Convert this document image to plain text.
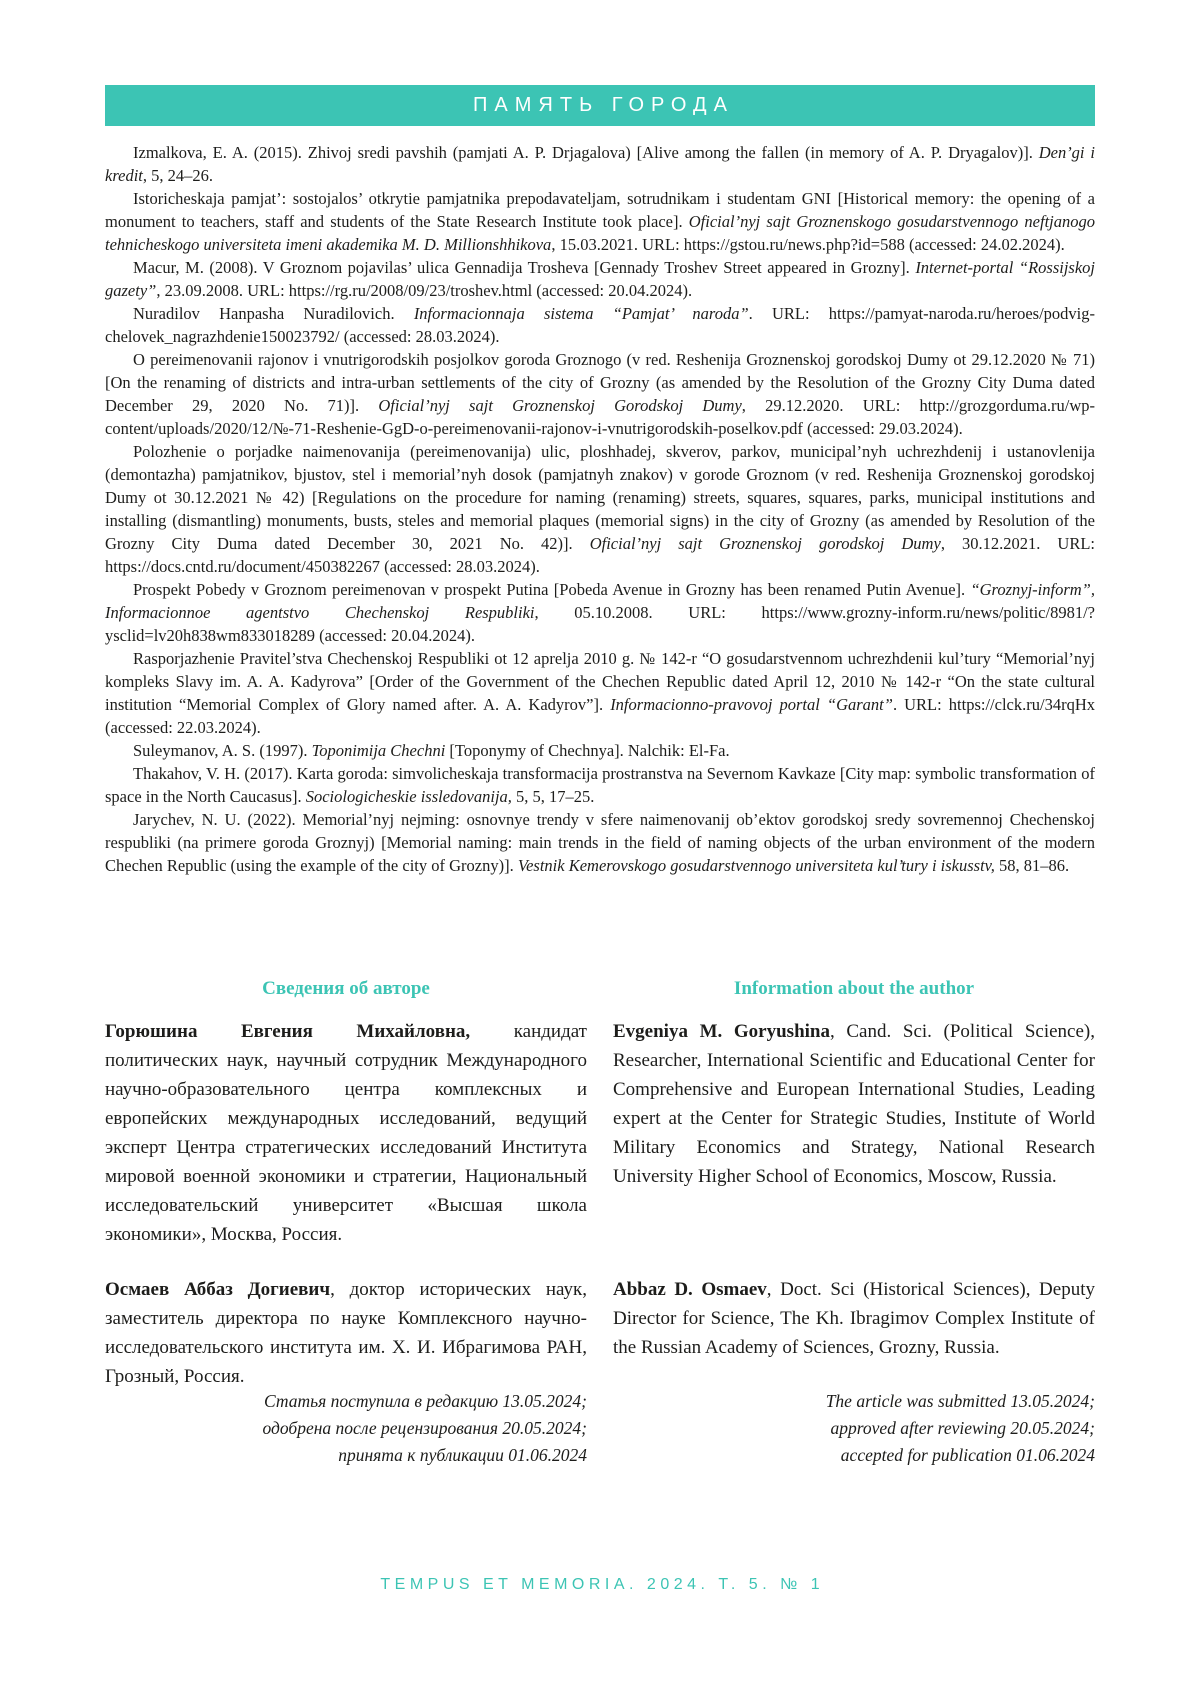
ПАМЯТЬ ГОРОДА

Izmalkova, E. A. (2015). Zhivoj sredi pavshih (pamjati A. P. Drjagalova) [Alive among the fallen (in memory of A. P. Dryagalov)]. Den’gi i kredit, 5, 24–26.

Istoricheskaja pamjat’: sostojalos’ otkrytie pamjatnika prepodavateljam, sotrudnikam i studentam GNI [Historical memory: the opening of a monument to teachers, staff and students of the State Research Institute took place]. Oficial’nyj sajt Groznenskogo gosudarstvennogo neftjanogo tehnicheskogo universiteta imeni akademika M. D. Millionshhikova, 15.03.2021. URL: https://gstou.ru/news.php?id=588 (accessed: 24.02.2024).

Macur, M. (2008). V Groznom pojavilas’ ulica Gennadija Trosheva [Gennady Troshev Street appeared in Grozny]. Internet-portal “Rossijskoj gazety”, 23.09.2008. URL: https://rg.ru/2008/09/23/troshev.html (accessed: 20.04.2024).

Nuradilov Hanpasha Nuradilovich. Informacionnaja sistema “Pamjat’ naroda”. URL: https://pamyat-naroda.ru/heroes/podvig-chelovek_nagrazhdenie150023792/ (accessed: 28.03.2024).

O pereimenovanii rajonov i vnutrigorodskih posjolkov goroda Groznogo (v red. Reshenija Groznenskoj gorodskoj Dumy ot 29.12.2020 № 71) [On the renaming of districts and intra-urban settlements of the city of Grozny (as amended by the Resolution of the Grozny City Duma dated December 29, 2020 No. 71)]. Oficial’nyj sajt Groznenskoj Gorodskoj Dumy, 29.12.2020. URL: http://grozgorduma.ru/wp-content/uploads/2020/12/№-71-Reshenie-GgD-o-pereimenovanii-rajonov-i-vnutrigorodskih-poselkov.pdf (accessed: 29.03.2024).

Polozhenie o porjadke naimenovanija (pereimenovanija) ulic, ploshhadej, skverov, parkov, municipal’nyh uchrezhdenij i ustanovlenija (demontazha) pamjatnikov, bjustov, stel i memorial’nyh dosok (pamjatnyh znakov) v gorode Groznom (v red. Reshenija Groznenskoj gorodskoj Dumy ot 30.12.2021 № 42) [Regulations on the procedure for naming (renaming) streets, squares, squares, parks, municipal institutions and installing (dismantling) monuments, busts, steles and memorial plaques (memorial signs) in the city of Grozny (as amended by Resolution of the Grozny City Duma dated December 30, 2021 No. 42)]. Oficial’nyj sajt Groznenskoj gorodskoj Dumy, 30.12.2021. URL: https://docs.cntd.ru/document/450382267 (accessed: 28.03.2024).

Prospekt Pobedy v Groznom pereimenovan v prospekt Putina [Pobeda Avenue in Grozny has been renamed Putin Avenue]. “Groznyj-inform”, Informacionnoe agentstvo Chechenskoj Respubliki, 05.10.2008. URL: https://www.grozny-inform.ru/news/politic/8981/?ysclid=lv20h838wm833018289 (accessed: 20.04.2024).

Rasporjazhenie Pravitel’stva Chechenskoj Respubliki ot 12 aprelja 2010 g. № 142-r “O gosudarstvennom uchrezhdenii kul’tury “Memorial’nyj kompleks Slavy im. A. A. Kadyrova” [Order of the Government of the Chechen Republic dated April 12, 2010 № 142-r “On the state cultural institution “Memorial Complex of Glory named after. A. A. Kadyrov”]. Informacionno-pravovoj portal “Garant”. URL: https://clck.ru/34rqHx (accessed: 22.03.2024).

Suleymanov, A. S. (1997). Toponimija Chechni [Toponymy of Chechnya]. Nalchik: El-Fa.

Thakahov, V. H. (2017). Karta goroda: simvolicheskaja transformacija prostranstva na Severnom Kavkaze [City map: symbolic transformation of space in the North Caucasus]. Sociologicheskie issledovanija, 5, 5, 17–25.

Jarychev, N. U. (2022). Memorial’nyj nejming: osnovnye trendy v sfere naimenovanij ob’ektov gorodskoj sredy sovremennoj Chechenskoj respubliki (na primere goroda Groznyj) [Memorial naming: main trends in the field of naming objects of the urban environment of the modern Chechen Republic (using the example of the city of Grozny)]. Vestnik Kemerovskogo gosudarstvennogo universiteta kul’tury i iskusstv, 58, 81–86.

Сведения об авторе	Information about the author

Горюшина Евгения Михайловна, кандидат политических наук, научный сотрудник Международного научно-образовательного центра комплексных и европейских международных исследований, ведущий эксперт Центра стратегических исследований Института мировой военной экономики и стратегии, Национальный исследовательский университет «Высшая школа экономики», Москва, Россия.

Evgeniya M. Goryushina, Cand. Sci. (Political Science), Researcher, International Scientific and Educational Center for Comprehensive and European International Studies, Leading expert at the Center for Strategic Studies, Institute of World Military Economics and Strategy, National Research University Higher School of Economics, Moscow, Russia.

Осмаев Аббаз Догиевич, доктор исторических наук, заместитель директора по науке Комплексного научно-исследовательского института им. Х. И. Ибрагимова РАН, Грозный, Россия.

Abbaz D. Osmaev, Doct. Sci (Historical Sciences), Deputy Director for Science, The Kh. Ibragimov Complex Institute of the Russian Academy of Sciences, Grozny, Russia.

Статья поступила в редакцию 13.05.2024;
одобрена после рецензирования 20.05.2024;
принята к публикации 01.06.2024
The article was submitted 13.05.2024;
approved after reviewing 20.05.2024;
accepted for publication 01.06.2024
TEMPUS ET MEMORIA. 2024. Т. 5. № 1
